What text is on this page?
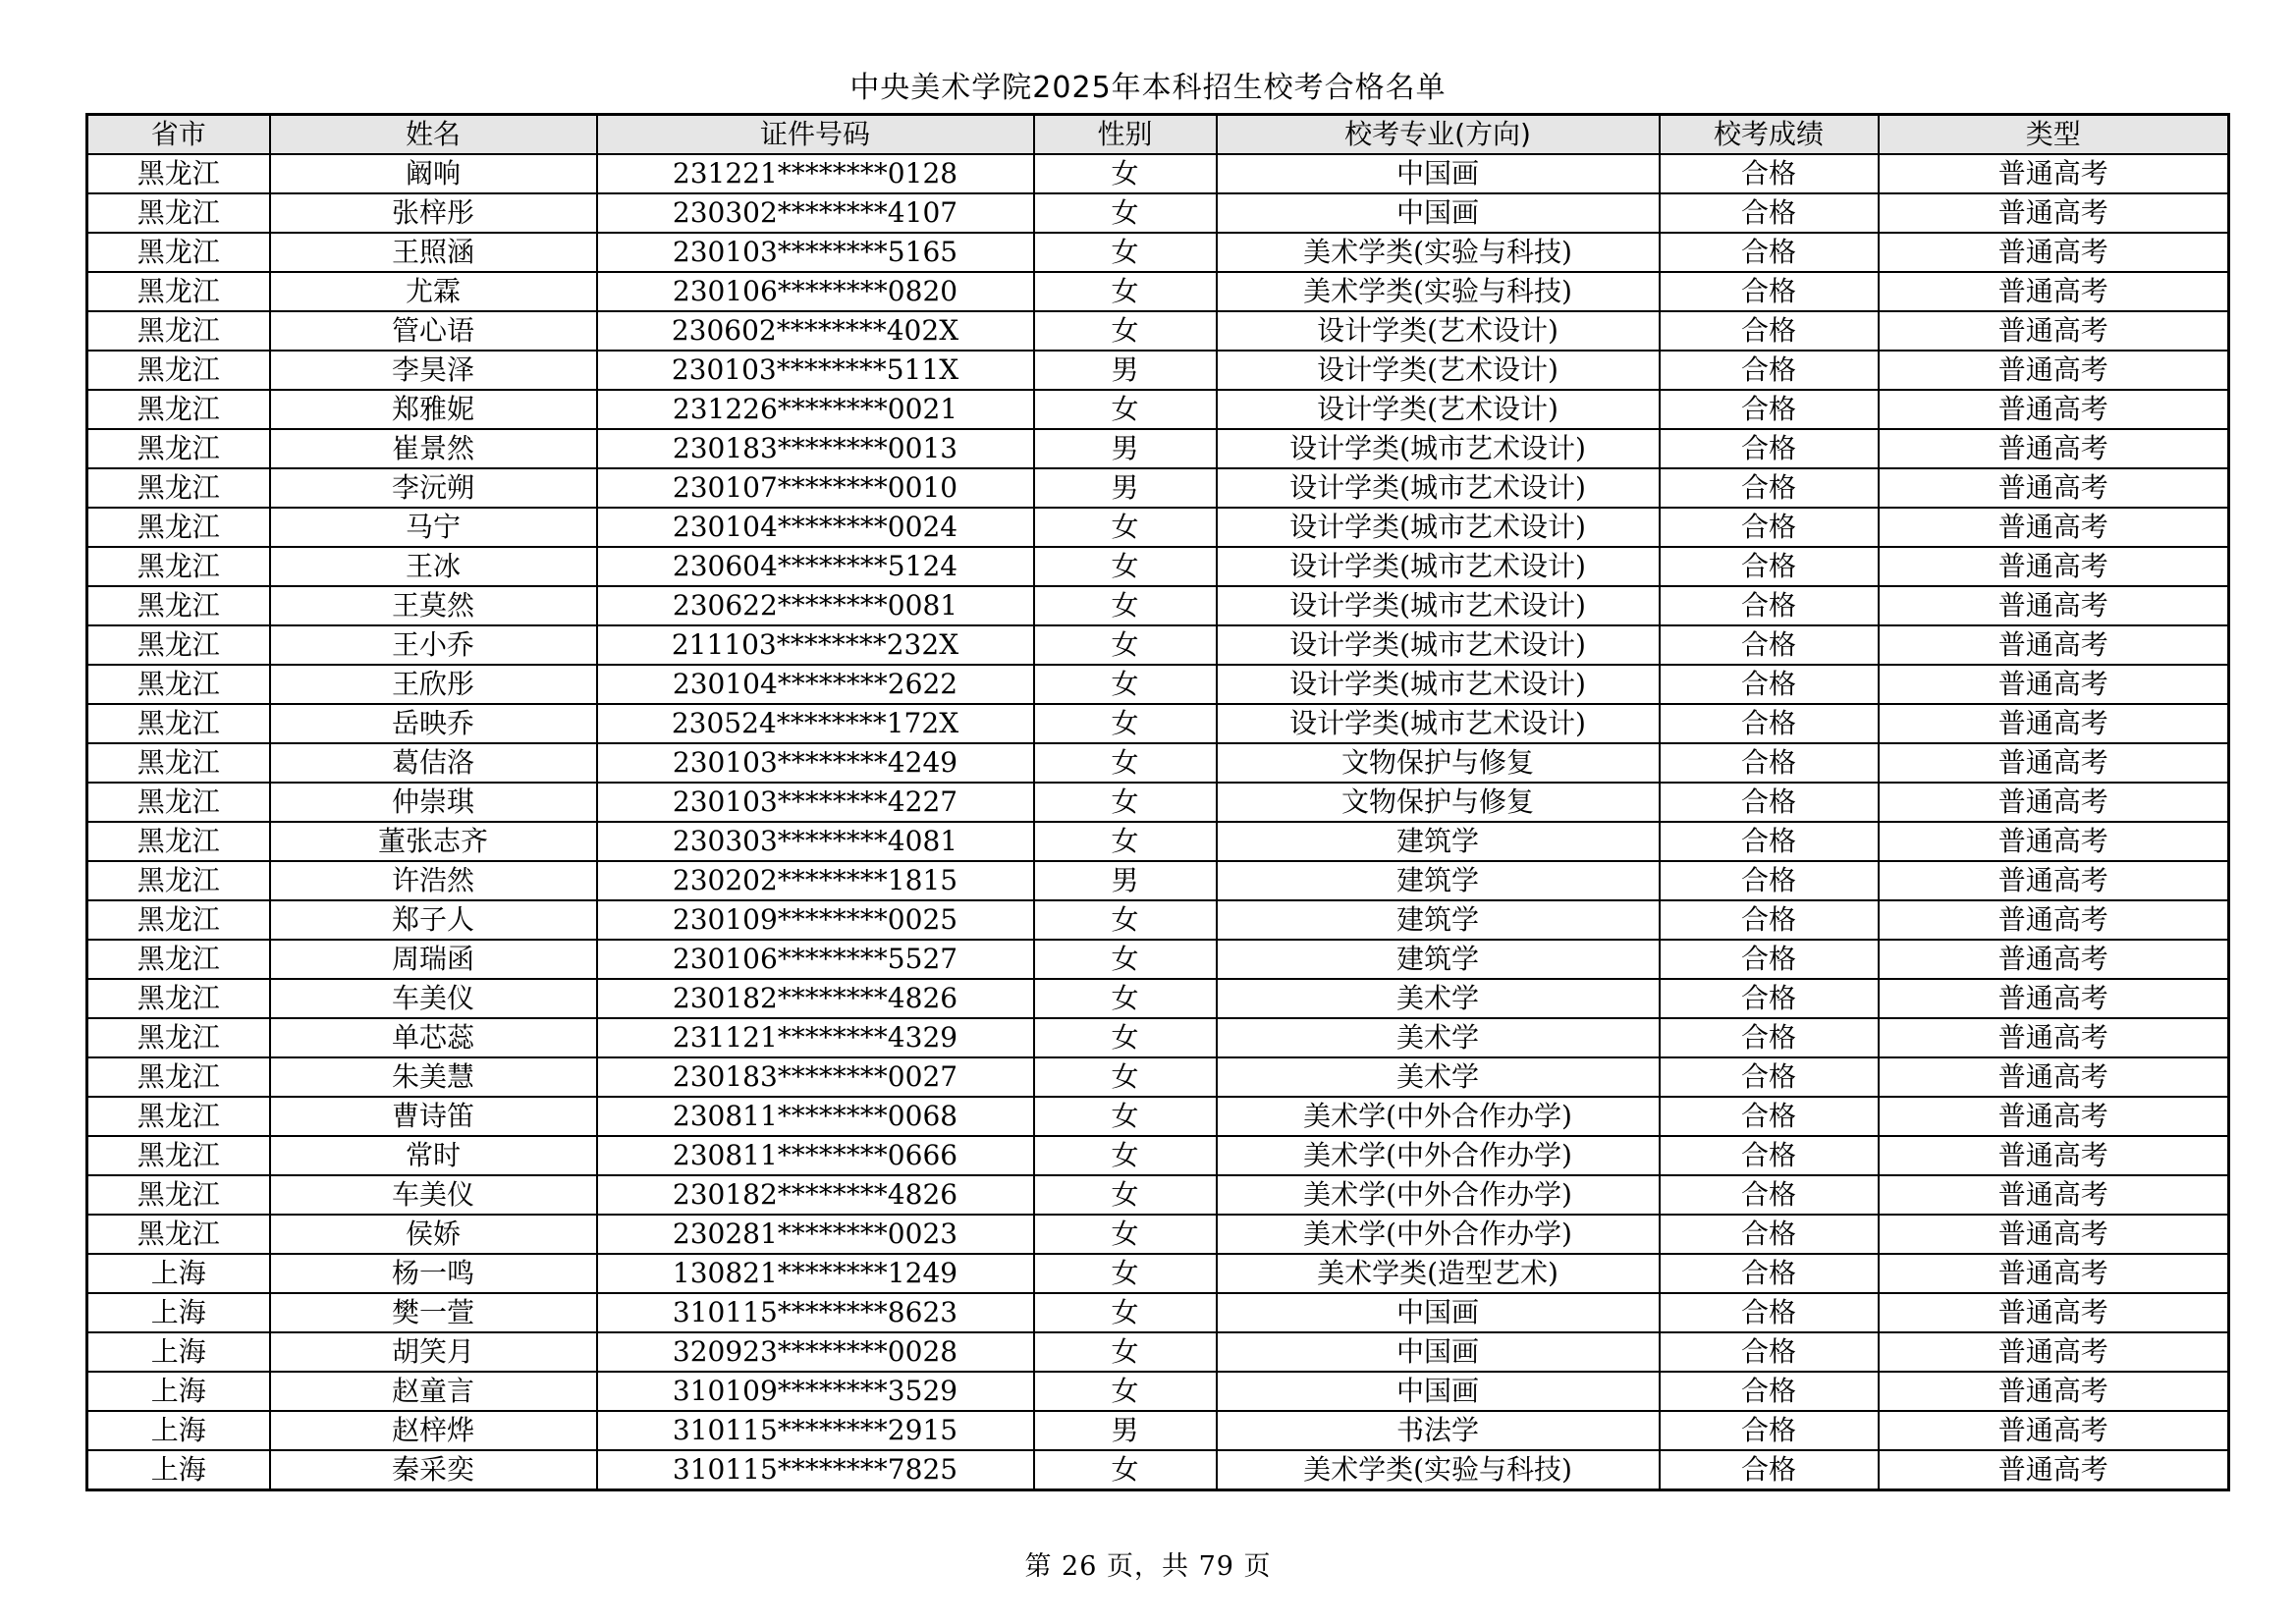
中央美术学院2025年本科招生校考合格名单
省市	姓名	证件号码	性别	校考专业(方向)	校考成绩	类型
黑龙江	阚响	231221********0128	女	中国画	合格	普通高考
黑龙江	张梓彤	230302********4107	女	中国画	合格	普通高考
黑龙江	王照涵	230103********5165	女	美术学类(实验与科技)	合格	普通高考
黑龙江	尤霖	230106********0820	女	美术学类(实验与科技)	合格	普通高考
黑龙江	管心语	230602********402X	女	设计学类(艺术设计)	合格	普通高考
黑龙江	李昊泽	230103********511X	男	设计学类(艺术设计)	合格	普通高考
黑龙江	郑雅妮	231226********0021	女	设计学类(艺术设计)	合格	普通高考
黑龙江	崔景然	230183********0013	男	设计学类(城市艺术设计)	合格	普通高考
黑龙江	李沅朔	230107********0010	男	设计学类(城市艺术设计)	合格	普通高考
黑龙江	马宁	230104********0024	女	设计学类(城市艺术设计)	合格	普通高考
黑龙江	王冰	230604********5124	女	设计学类(城市艺术设计)	合格	普通高考
黑龙江	王莫然	230622********0081	女	设计学类(城市艺术设计)	合格	普通高考
黑龙江	王小乔	211103********232X	女	设计学类(城市艺术设计)	合格	普通高考
黑龙江	王欣彤	230104********2622	女	设计学类(城市艺术设计)	合格	普通高考
黑龙江	岳映乔	230524********172X	女	设计学类(城市艺术设计)	合格	普通高考
黑龙江	葛佶洛	230103********4249	女	文物保护与修复	合格	普通高考
黑龙江	仲崇琪	230103********4227	女	文物保护与修复	合格	普通高考
黑龙江	董张志齐	230303********4081	女	建筑学	合格	普通高考
黑龙江	许浩然	230202********1815	男	建筑学	合格	普通高考
黑龙江	郑子人	230109********0025	女	建筑学	合格	普通高考
黑龙江	周瑞函	230106********5527	女	建筑学	合格	普通高考
黑龙江	车美仪	230182********4826	女	美术学	合格	普通高考
黑龙江	单芯蕊	231121********4329	女	美术学	合格	普通高考
黑龙江	朱美慧	230183********0027	女	美术学	合格	普通高考
黑龙江	曹诗笛	230811********0068	女	美术学(中外合作办学)	合格	普通高考
黑龙江	常时	230811********0666	女	美术学(中外合作办学)	合格	普通高考
黑龙江	车美仪	230182********4826	女	美术学(中外合作办学)	合格	普通高考
黑龙江	侯娇	230281********0023	女	美术学(中外合作办学)	合格	普通高考
上海	杨一鸣	130821********1249	女	美术学类(造型艺术)	合格	普通高考
上海	樊一萱	310115********8623	女	中国画	合格	普通高考
上海	胡笑月	320923********0028	女	中国画	合格	普通高考
上海	赵童言	310109********3529	女	中国画	合格	普通高考
上海	赵梓烨	310115********2915	男	书法学	合格	普通高考
上海	秦采奕	310115********7825	女	美术学类(实验与科技)	合格	普通高考
第 26 页，共 79 页
